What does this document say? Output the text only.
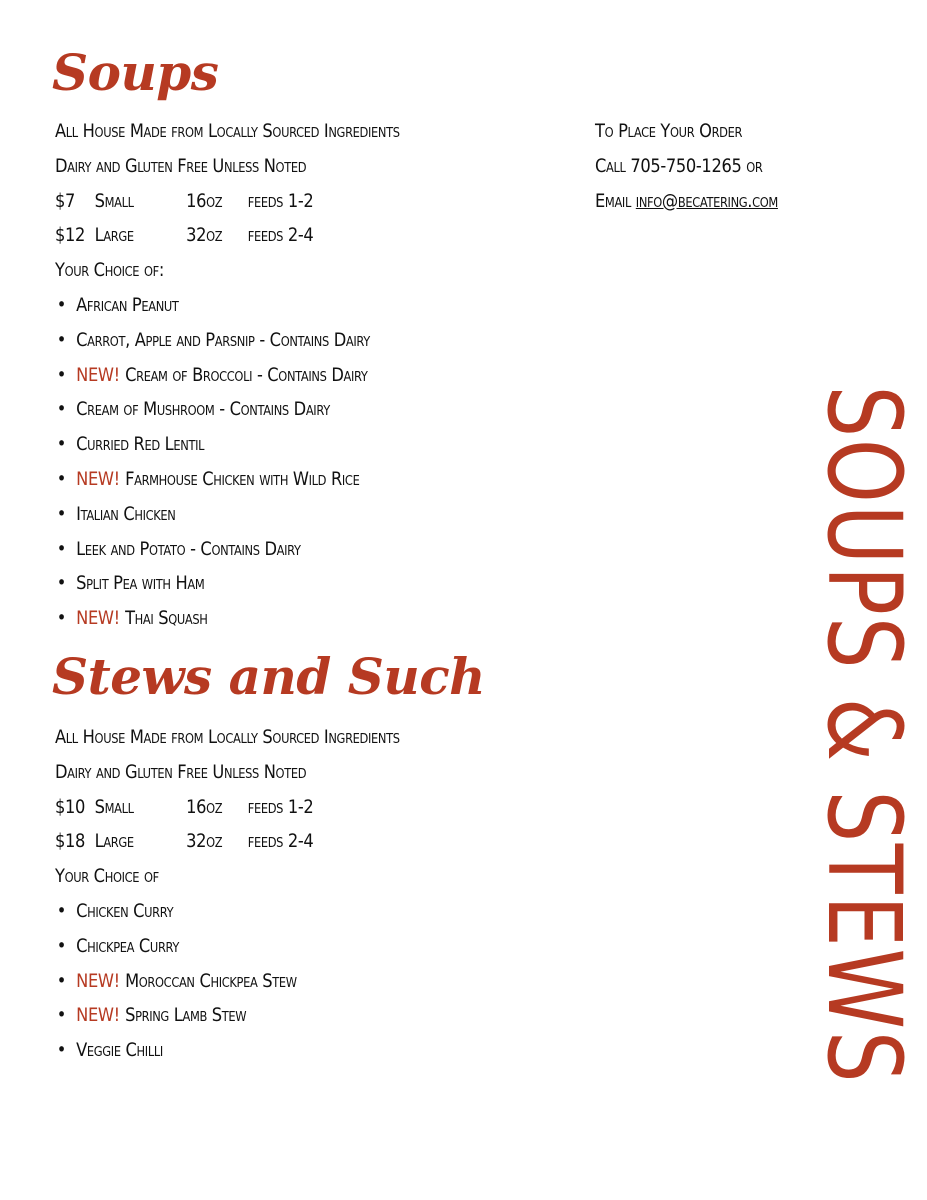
Soups
All House Made from Locally Sourced Ingredients
Dairy and Gluten Free Unless Noted
$7 Small	16oz feeds 1-2
$12 Large	32oz feeds 2-4
Your Choice of:
• African Peanut
• Carrot, Apple and Parsnip - Contains Dairy
• NEW! Cream of Broccoli - Contains Dairy
• Cream of Mushroom - Contains Dairy
• Curried Red Lentil
• NEW! Farmhouse Chicken with Wild Rice
• Italian Chicken
• Leek and Potato - Contains Dairy
• Split Pea with Ham
• NEW! Thai Squash
Stews and Such
All House Made from Locally Sourced Ingredients
Dairy and Gluten Free Unless Noted
$10 Small	16oz feeds 1-2
$18 Large	32oz feeds 2-4
Your Choice of
• Chicken Curry
• Chickpea Curry
• NEW! Moroccan Chickpea Stew
• NEW! Spring Lamb Stew
• Veggie Chilli
To Place Your Order
Call 705-750-1265 or
Email info@becatering.com
SOUPS & STEWS
